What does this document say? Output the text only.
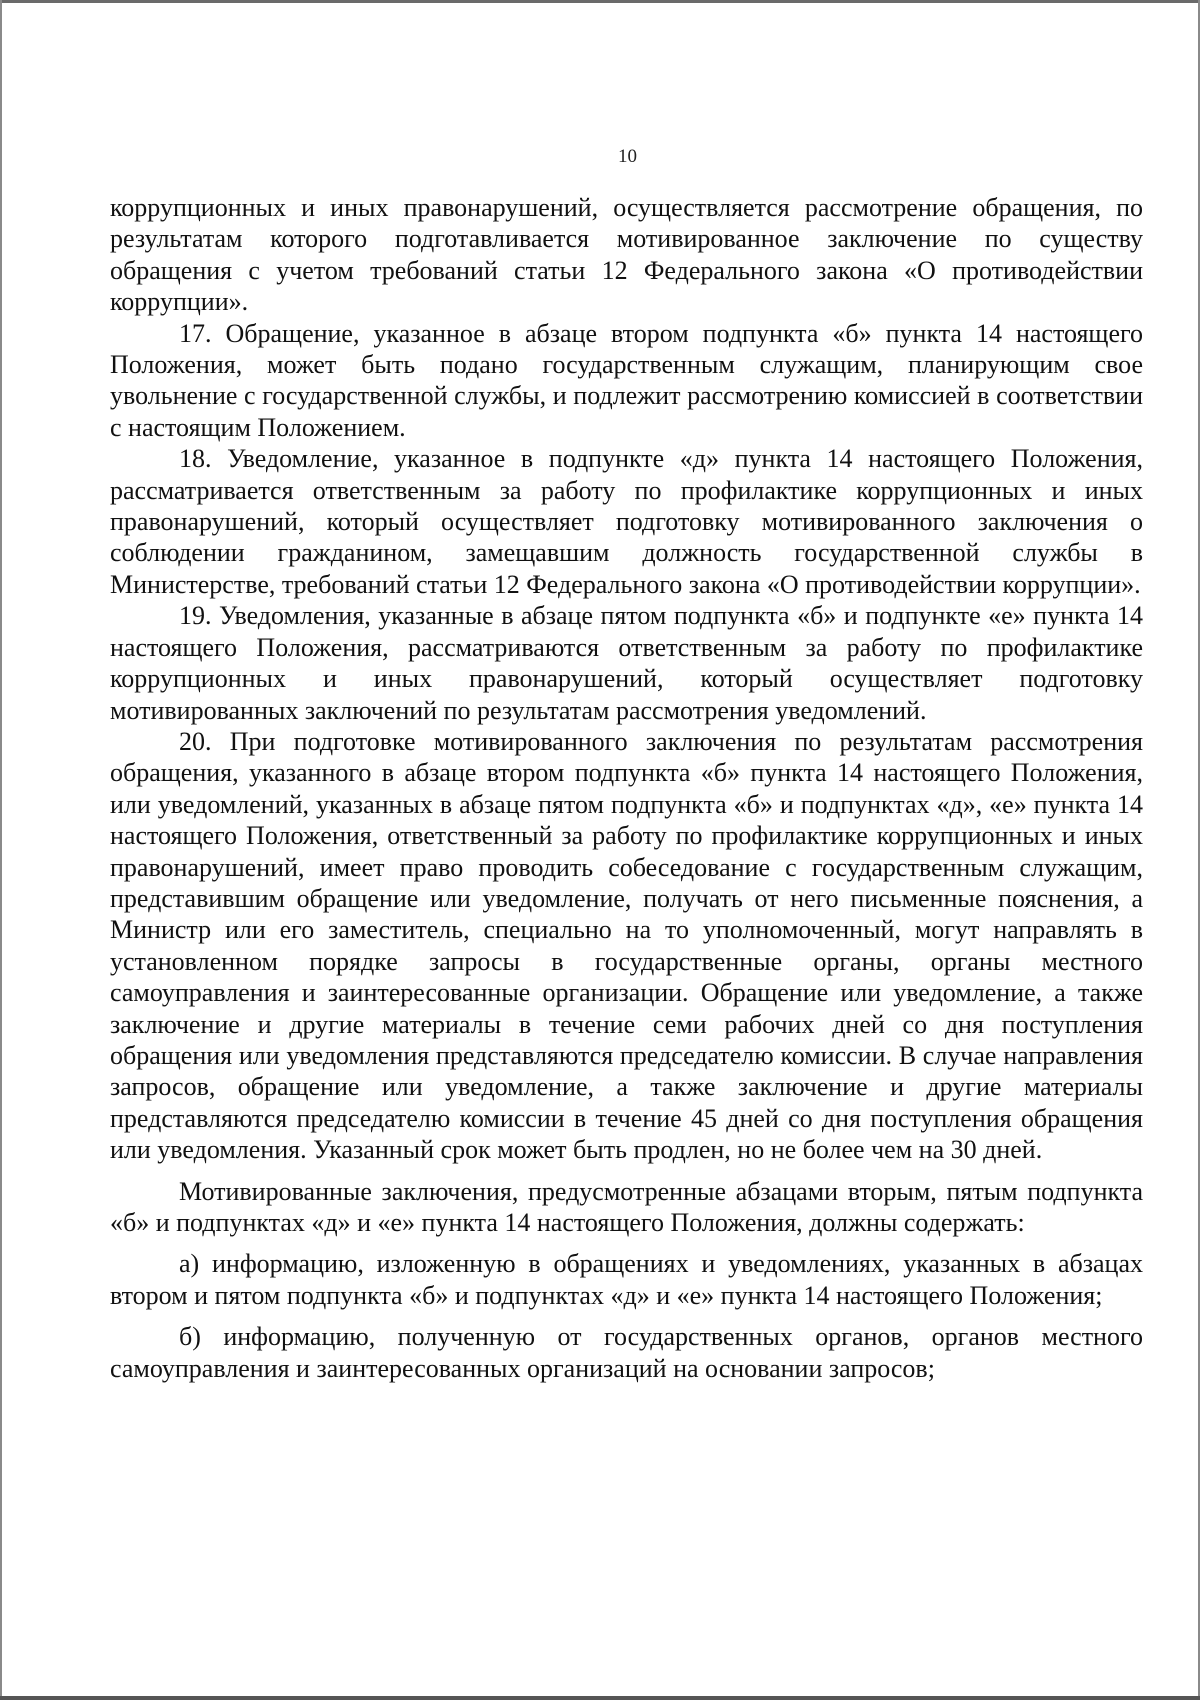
10

коррупционных и иных правонарушений, осуществляется рассмотрение обращения, по результатам которого подготавливается мотивированное заключение по существу обращения с учетом требований статьи 12 Федерального закона «О противодействии коррупции».

17. Обращение, указанное в абзаце втором подпункта «б» пункта 14 настоящего Положения, может быть подано государственным служащим, планирующим свое увольнение с государственной службы, и подлежит рассмотрению комиссией в соответствии с настоящим Положением.

18. Уведомление, указанное в подпункте «д» пункта 14 настоящего Положения, рассматривается ответственным за работу по профилактике коррупционных и иных правонарушений, который осуществляет подготовку мотивированного заключения о соблюдении гражданином, замещавшим должность государственной службы в Министерстве, требований статьи 12 Федерального закона «О противодействии коррупции».

19. Уведомления, указанные в абзаце пятом подпункта «б» и подпункте «е» пункта 14 настоящего Положения, рассматриваются ответственным за работу по профилактике коррупционных и иных правонарушений, который осуществляет подготовку мотивированных заключений по результатам рассмотрения уведомлений.

20. При подготовке мотивированного заключения по результатам рассмотрения обращения, указанного в абзаце втором подпункта «б» пункта 14 настоящего Положения, или уведомлений, указанных в абзаце пятом подпункта «б» и подпунктах «д», «е» пункта 14 настоящего Положения, ответственный за работу по профилактике коррупционных и иных правонарушений, имеет право проводить собеседование с государственным служащим, представившим обращение или уведомление, получать от него письменные пояснения, а Министр или его заместитель, специально на то уполномоченный, могут направлять в установленном порядке запросы в государственные органы, органы местного самоуправления и заинтересованные организации. Обращение или уведомление, а также заключение и другие материалы в течение семи рабочих дней со дня поступления обращения или уведомления представляются председателю комиссии. В случае направления запросов, обращение или уведомление, а также заключение и другие материалы представляются председателю комиссии в течение 45 дней со дня поступления обращения или уведомления. Указанный срок может быть продлен, но не более чем на 30 дней.

Мотивированные заключения, предусмотренные абзацами вторым, пятым подпункта «б» и подпунктах «д» и «е» пункта 14 настоящего Положения, должны содержать:

а) информацию, изложенную в обращениях и уведомлениях, указанных в абзацах втором и пятом подпункта «б» и подпунктах «д» и «е» пункта 14 настоящего Положения;

б) информацию, полученную от государственных органов, органов местного самоуправления и заинтересованных организаций на основании запросов;
